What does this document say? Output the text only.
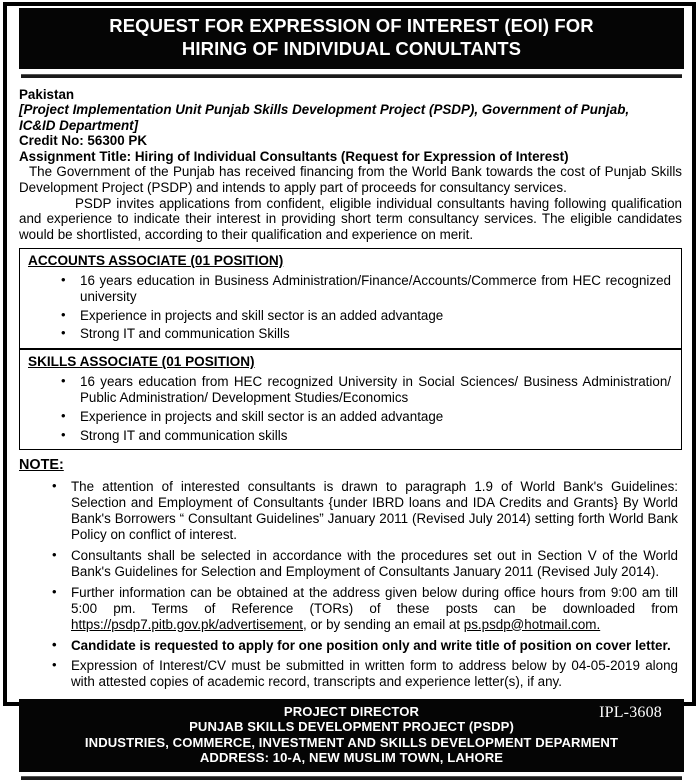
REQUEST FOR EXPRESSION OF INTEREST (EOI) FOR
HIRING OF INDIVIDUAL CONULTANTS
Pakistan
[Project Implementation Unit Punjab Skills Development Project (PSDP), Government of Punjab,
IC&ID Department]
Credit No: 56300 PK
Assignment Title: Hiring of Individual Consultants (Request for Expression of Interest)

The Government of the Punjab has received financing from the World Bank towards the cost of Punjab Skills Development Project (PSDP) and intends to apply part of proceeds for consultancy services.

PSDP invites applications from confident, eligible individual consultants having following qualification and experience to indicate their interest in providing short term consultancy services. The eligible candidates would be shortlisted, according to their qualification and experience on merit.

ACCOUNTS ASSOCIATE (01 POSITION)
• 16 years education in Business Administration/Finance/Accounts/Commerce from HEC recognized university
• Experience in projects and skill sector is an added advantage
• Strong IT and communication Skills
SKILLS ASSOCIATE (01 POSITION)
• 16 years education from HEC recognized University in Social Sciences/ Business Administration/ Public Administration/ Development Studies/Economics
• Experience in projects and skill sector is an added advantage
• Strong IT and communication skills
NOTE:
• The attention of interested consultants is drawn to paragraph 1.9 of World Bank's Guidelines: Selection and Employment of Consultants {under IBRD loans and IDA Credits and Grants} By World Bank's Borrowers “ Consultant Guidelines” January 2011 (Revised July 2014) setting forth World Bank Policy on conflict of interest.
• Consultants shall be selected in accordance with the procedures set out in Section V of the World Bank's Guidelines for Selection and Employment of Consultants January 2011 (Revised July 2014).
• Further information can be obtained at the address given below during office hours from 9:00 am till 5:00 pm. Terms of Reference (TORs) of these posts can be downloaded from https://psdp7.pitb.gov.pk/advertisement, or by sending an email at ps.psdp@hotmail.com.
• Candidate is requested to apply for one position only and write title of position on cover letter.
• Expression of Interest/CV must be submitted in written form to address below by 04-05-2019 along with attested copies of academic record, transcripts and experience letter(s), if any.
PROJECT DIRECTOR
PUNJAB SKILLS DEVELOPMENT PROJECT (PSDP)
INDUSTRIES, COMMERCE, INVESTMENT AND SKILLS DEVELOPMENT DEPARMENT
ADDRESS: 10-A, NEW MUSLIM TOWN, LAHORE
IPL-3608
